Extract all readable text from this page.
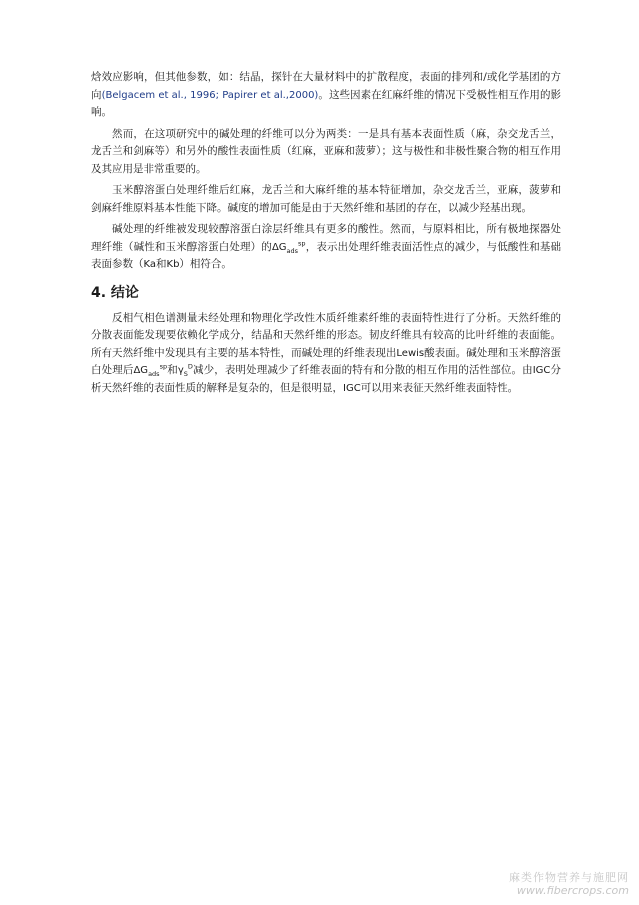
焓效应影响，但其他参数，如：结晶，探针在大量材料中的扩散程度，表面的排列和/或化学基团的方向(Belgacem et al., 1996; Papirer et al.,2000)。这些因素在红麻纤维的情况下受极性相互作用的影响。

然而，在这项研究中的碱处理的纤维可以分为两类：一是具有基本表面性质（麻，杂交龙舌兰，龙舌兰和剑麻等）和另外的酸性表面性质（红麻，亚麻和菠萝）；这与极性和非极性聚合物的相互作用及其应用是非常重要的。

玉米醇溶蛋白处理纤维后红麻，龙舌兰和大麻纤维的基本特征增加，杂交龙舌兰，亚麻，菠萝和剑麻纤维原料基本性能下降。碱度的增加可能是由于天然纤维和基团的存在，以减少羟基出现。

碱处理的纤维被发现较醇溶蛋白涂层纤维具有更多的酸性。然而，与原料相比，所有极地探器处理纤维（碱性和玉米醇溶蛋白处理）的$\Delta G_{ads}^{sp}$，表示出处理纤维表面活性点的减少，与低酸性和基础表面参数（Ka和Kb）相符合。

4. 结论

反相气相色谱测量未经处理和物理化学改性木质纤维素纤维的表面特性进行了分析。天然纤维的分散表面能发现要依赖化学成分，结晶和天然纤维的形态。韧皮纤维具有较高的比叶纤维的表面能。所有天然纤维中发现具有主要的基本特性，而碱处理的纤维表现出Lewis酸表面。碱处理和玉米醇溶蛋白处理后$\Delta G_{ads}^{sp}$和$\gamma_S^D$减少，表明处理减少了纤维表面的特有和分散的相互作用的活性部位。由IGC分析天然纤维的表面性质的解释是复杂的，但是很明显，IGC可以用来表征天然纤维表面特性。

麻类作物营养与施肥网
www.fibercrops.com
